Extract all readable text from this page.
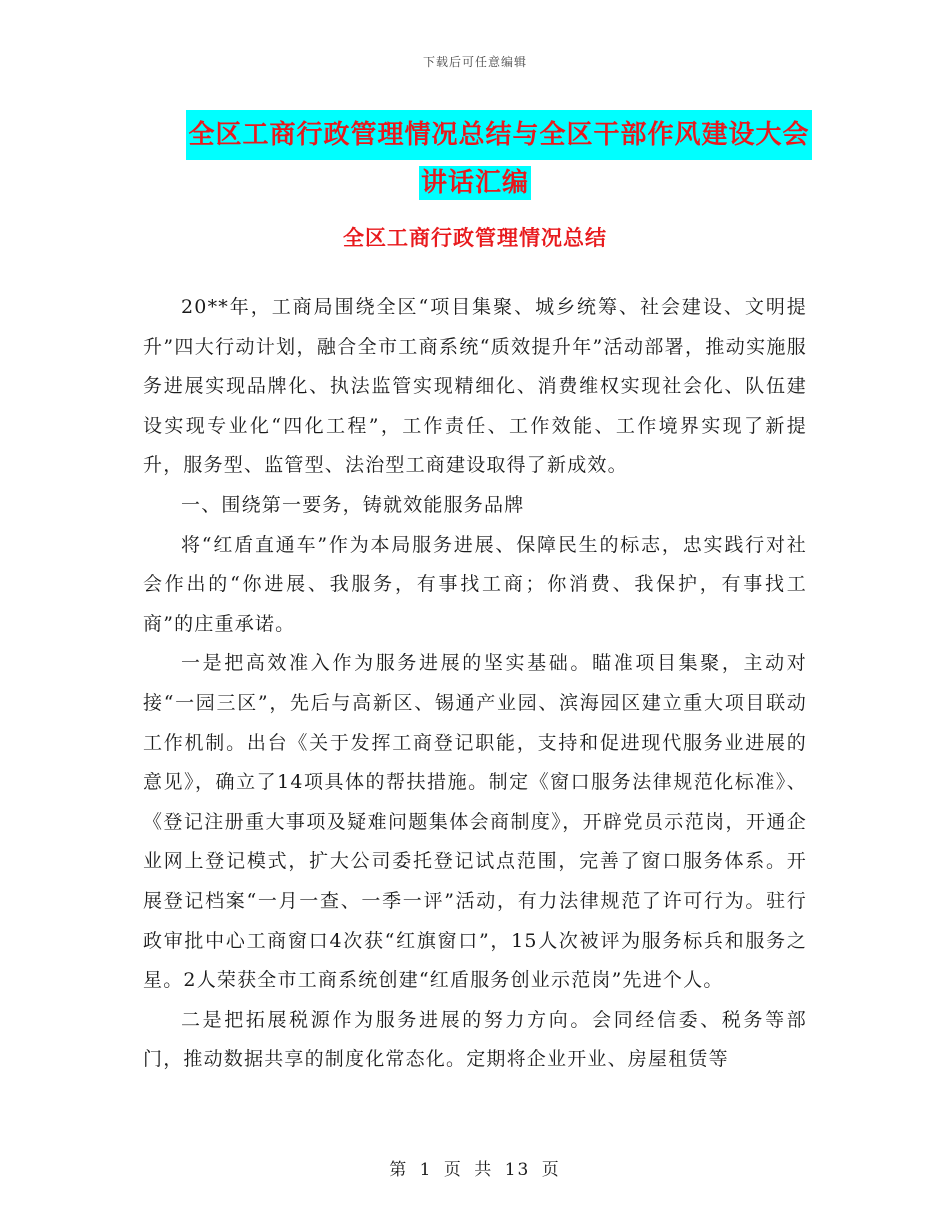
下载后可任意编辑
全区工商行政管理情况总结与全区干部作风建设大会
讲话汇编
全区工商行政管理情况总结

20**年，工商局围绕全区“项目集聚、城乡统筹、社会建设、文明提升”四大行动计划，融合全市工商系统“质效提升年”活动部署，推动实施服务进展实现品牌化、执法监管实现精细化、消费维权实现社会化、队伍建设实现专业化“四化工程”，工作责任、工作效能、工作境界实现了新提升，服务型、监管型、法治型工商建设取得了新成效。

一、围绕第一要务，铸就效能服务品牌

将“红盾直通车”作为本局服务进展、保障民生的标志，忠实践行对社会作出的“你进展、我服务，有事找工商；你消费、我保护，有事找工商”的庄重承诺。

一是把高效准入作为服务进展的坚实基础。瞄准项目集聚，主动对接“一园三区”，先后与高新区、锡通产业园、滨海园区建立重大项目联动工作机制。出台《关于发挥工商登记职能，支持和促进现代服务业进展的意见》，确立了14项具体的帮扶措施。制定《窗口服务法律规范化标准》、《登记注册重大事项及疑难问题集体会商制度》，开辟党员示范岗，开通企业网上登记模式，扩大公司委托登记试点范围，完善了窗口服务体系。开展登记档案“一月一查、一季一评”活动，有力法律规范了许可行为。驻行政审批中心工商窗口4次获“红旗窗口”，15人次被评为服务标兵和服务之星。2人荣获全市工商系统创建“红盾服务创业示范岗”先进个人。

二是把拓展税源作为服务进展的努力方向。会同经信委、税务等部门，推动数据共享的制度化常态化。定期将企业开业、房屋租赁等

第 1 页 共 13 页
